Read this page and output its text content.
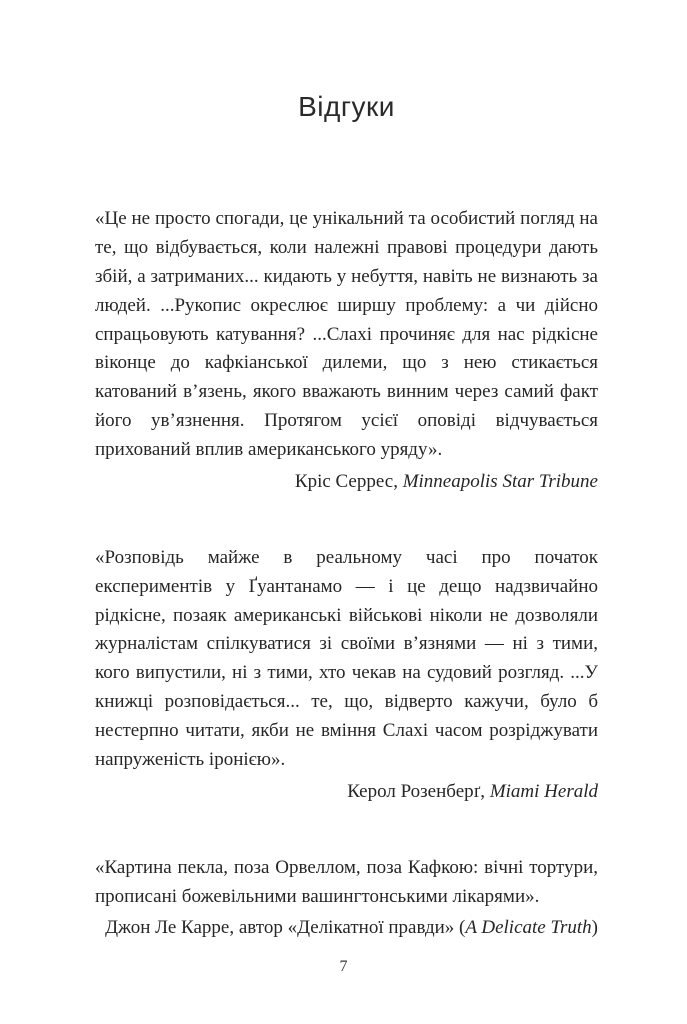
Відгуки

«Це не просто спогади, це унікальний та особистий погляд на те, що відбувається, коли належні правові процедури дають збій, а затриманих... кидають у небуття, навіть не визнають за людей. ...Рукопис окреслює ширшу проблему: а чи дійсно спрацьовують катування? ...Слахі прочиняє для нас рідкісне віконце до кафкіанської дилеми, що з нею стикається катований в’язень, якого вважають винним через самий факт його ув’язнення. Протягом усієї оповіді відчувається прихований вплив американського уряду».

Кріс Серрес, Minneapolis Star Tribune

«Розповідь майже в реальному часі про початок експериментів у Ґуантанамо — і це дещо надзвичайно рідкісне, позаяк американські військові ніколи не дозволяли журналістам спілкуватися зі своїми в’язнями — ні з тими, кого випустили, ні з тими, хто чекав на судовий розгляд. ...У книжці розповідається... те, що, відверто кажучи, було б нестерпно читати, якби не вміння Слахі часом розріджувати напруженість іронією».

Керол Розенберґ, Miami Herald

«Картина пекла, поза Орвеллом, поза Кафкою: вічні тортури, прописані божевільними вашингтонськими лікарями».

Джон Ле Карре, автор «Делікатної правди» (A Delicate Truth)

7
